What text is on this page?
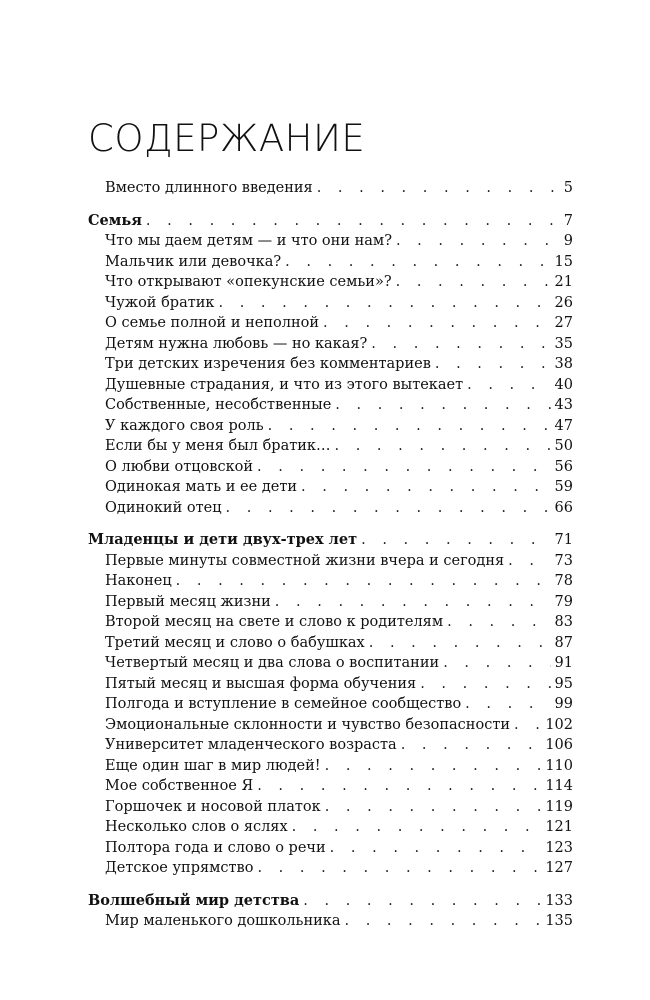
СОДЕРЖАНИЕ
Вместо длинного введения . . .	5
Семья . . .	7
Что мы даем детям — и что они нам? . . .	9
Мальчик или девочка? . . .	15
Что открывают «опекунские семьи»? . . .	21
Чужой братик . . .	26
О семье полной и неполной . . .	27
Детям нужна любовь — но какая? . . .	35
Три детских изречения без комментариев . . .	38
Душевные страдания, и что из этого вытекает . . .	40
Собственные, несобственные . . .	43
У каждого своя роль . . .	47
Если бы у меня был братик… . . .	50
О любви отцовской . . .	56
Одинокая мать и ее дети . . .	59
Одинокий отец . . .	66
Младенцы и дети двух-трех лет . . .	71
Первые минуты совместной жизни вчера и сегодня . . .	73
Наконец . . .	78
Первый месяц жизни . . .	79
Второй месяц на свете и слово к родителям . . .	83
Третий месяц и слово о бабушках . . .	87
Четвертый месяц и два слова о воспитании . . .	91
Пятый месяц и высшая форма обучения . . .	95
Полгода и вступление в семейное сообщество . . .	99
Эмоциональные склонности и чувство безопасности . . . 102
Университет младенческого возраста . . .	106
Еще один шаг в мир людей! . . .	110
Мое собственное Я . . .	114
Горшочек и носовой платок . . .	119
Несколько слов о яслях . . .	121
Полтора года и слово о речи . . .	123
Детское упрямство . . .	127
Волшебный мир детства . . .	133
Мир маленького дошкольника . . .	135
